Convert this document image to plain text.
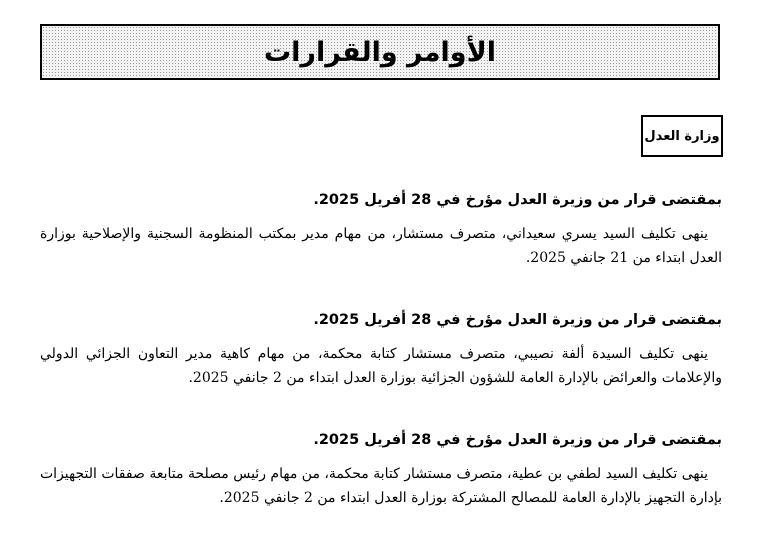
الأوامر والقرارات
وزارة العدل

بمقتضى قرار من وزيرة العدل مؤرخ في 28 أفريل 2025.

ينهى تكليف السيد يسري سعيداني، متصرف مستشار، من مهام مدير بمكتب المنظومة السجنية والإصلاحية بوزارة العدل ابتداء من 21 جانفي 2025.

بمقتضى قرار من وزيرة العدل مؤرخ في 28 أفريل 2025.

ينهى تكليف السيدة ألفة نصيبي، متصرف مستشار كتابة محكمة، من مهام كاهية مدير التعاون الجزائي الدولي والإعلامات والعرائض بالإدارة العامة للشؤون الجزائية بوزارة العدل ابتداء من 2 جانفي 2025.

بمقتضى قرار من وزيرة العدل مؤرخ في 28 أفريل 2025.

ينهى تكليف السيد لطفي بن عطية، متصرف مستشار كتابة محكمة، من مهام رئيس مصلحة متابعة صفقات التجهيزات بإدارة التجهيز بالإدارة العامة للمصالح المشتركة بوزارة العدل ابتداء من 2 جانفي 2025.
